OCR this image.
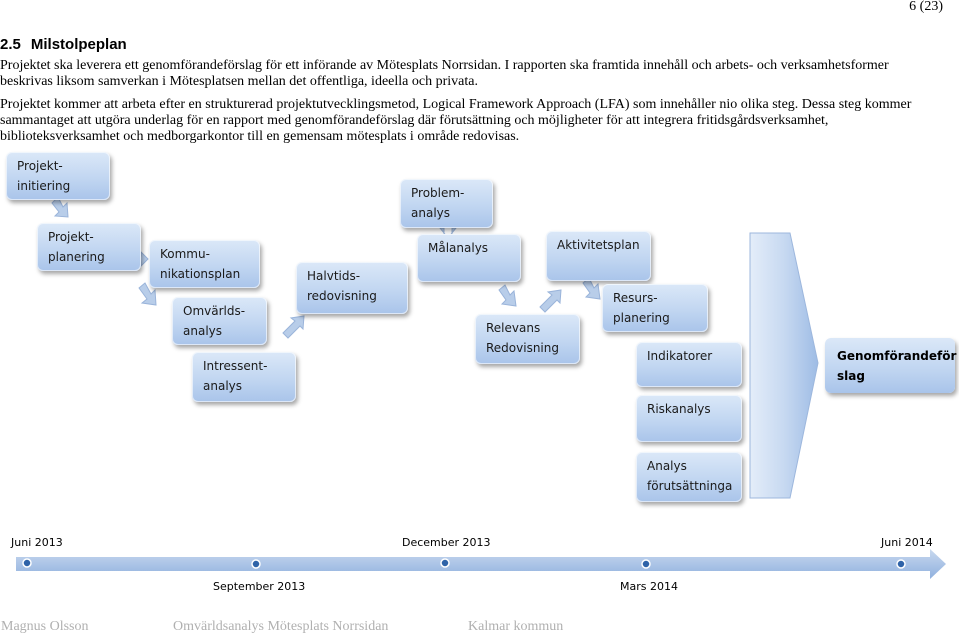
6 (23)
2.5 Milstolpeplan
Projektet ska leverera ett genomförandeförslag för ett införande av Mötesplats Norrsidan. I rapporten ska framtida innehåll och arbets- och verksamhetsformer beskrivas liksom samverkan i Mötesplatsen mellan det offentliga, ideella och privata.
Projektet kommer att arbeta efter en strukturerad projektutvecklingsmetod, Logical Framework Approach (LFA) som innehåller nio olika steg. Dessa steg kommer sammantaget att utgöra underlag för en rapport med genomförandeförslag där förutsättning och möjligheter för att integrera fritidsgårdsverksamhet, biblioteksverksamhet och medborgarkontor till en gemensam mötesplats i område redovisas.
Projekt-
initiering
Projekt-
planering	Kommu-
nikationsplan
Omvärlds-
analys
Intressent-
analys
Halvtids-
redovisning
Problem-
analys
Målanalys
Relevans
Redovisning
Aktivitetsplan
Resurs-
planering
Indikatorer
Riskanalys
Analys
förutsättninga
Genomförandeför
slag
Juni 2013	December 2013	Juni 2014
September 2013	Mars 2014
Magnus Olsson	Omvärldsanalys Mötesplats Norrsidan	Kalmar kommun
